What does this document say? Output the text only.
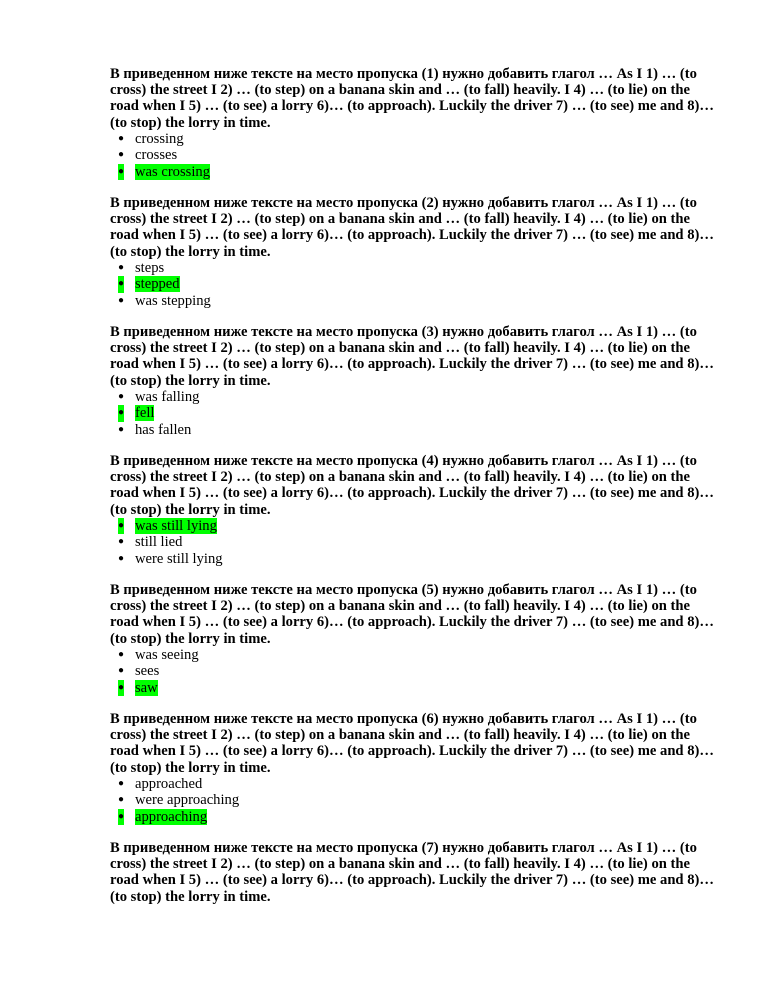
В приведенном ниже тексте на место пропуска (1) нужно добавить глагол … As I 1) … (to cross) the street I 2) … (to step) on a banana skin and … (to fall) heavily. I 4) … (to lie) on the road when I 5) … (to see) a lorry 6)… (to approach). Luckily the driver 7) … (to see) me and 8)… (to stop) the lorry in time.

● crossing
● crosses
● was crossing

В приведенном ниже тексте на место пропуска (2) нужно добавить глагол … As I 1) … (to cross) the street I 2) … (to step) on a banana skin and … (to fall) heavily. I 4) … (to lie) on the road when I 5) … (to see) a lorry 6)… (to approach). Luckily the driver 7) … (to see) me and 8)… (to stop) the lorry in time.

● steps
● stepped
● was stepping

В приведенном ниже тексте на место пропуска (3) нужно добавить глагол … As I 1) … (to cross) the street I 2) … (to step) on a banana skin and … (to fall) heavily. I 4) … (to lie) on the road when I 5) … (to see) a lorry 6)… (to approach). Luckily the driver 7) … (to see) me and 8)… (to stop) the lorry in time.

● was falling
● fell
● has fallen

В приведенном ниже тексте на место пропуска (4) нужно добавить глагол … As I 1) … (to cross) the street I 2) … (to step) on a banana skin and … (to fall) heavily. I 4) … (to lie) on the road when I 5) … (to see) a lorry 6)… (to approach). Luckily the driver 7) … (to see) me and 8)… (to stop) the lorry in time.

● was still lying
● still lied
● were still lying

В приведенном ниже тексте на место пропуска (5) нужно добавить глагол … As I 1) … (to cross) the street I 2) … (to step) on a banana skin and … (to fall) heavily. I 4) … (to lie) on the road when I 5) … (to see) a lorry 6)… (to approach). Luckily the driver 7) … (to see) me and 8)… (to stop) the lorry in time.

● was seeing
● sees
● saw

В приведенном ниже тексте на место пропуска (6) нужно добавить глагол … As I 1) … (to cross) the street I 2) … (to step) on a banana skin and … (to fall) heavily. I 4) … (to lie) on the road when I 5) … (to see) a lorry 6)… (to approach). Luckily the driver 7) … (to see) me and 8)… (to stop) the lorry in time.

● approached
● were approaching
● approaching

В приведенном ниже тексте на место пропуска (7) нужно добавить глагол … As I 1) … (to cross) the street I 2) … (to step) on a banana skin and … (to fall) heavily. I 4) … (to lie) on the road when I 5) … (to see) a lorry 6)… (to approach). Luckily the driver 7) … (to see) me and 8)… (to stop) the lorry in time.
